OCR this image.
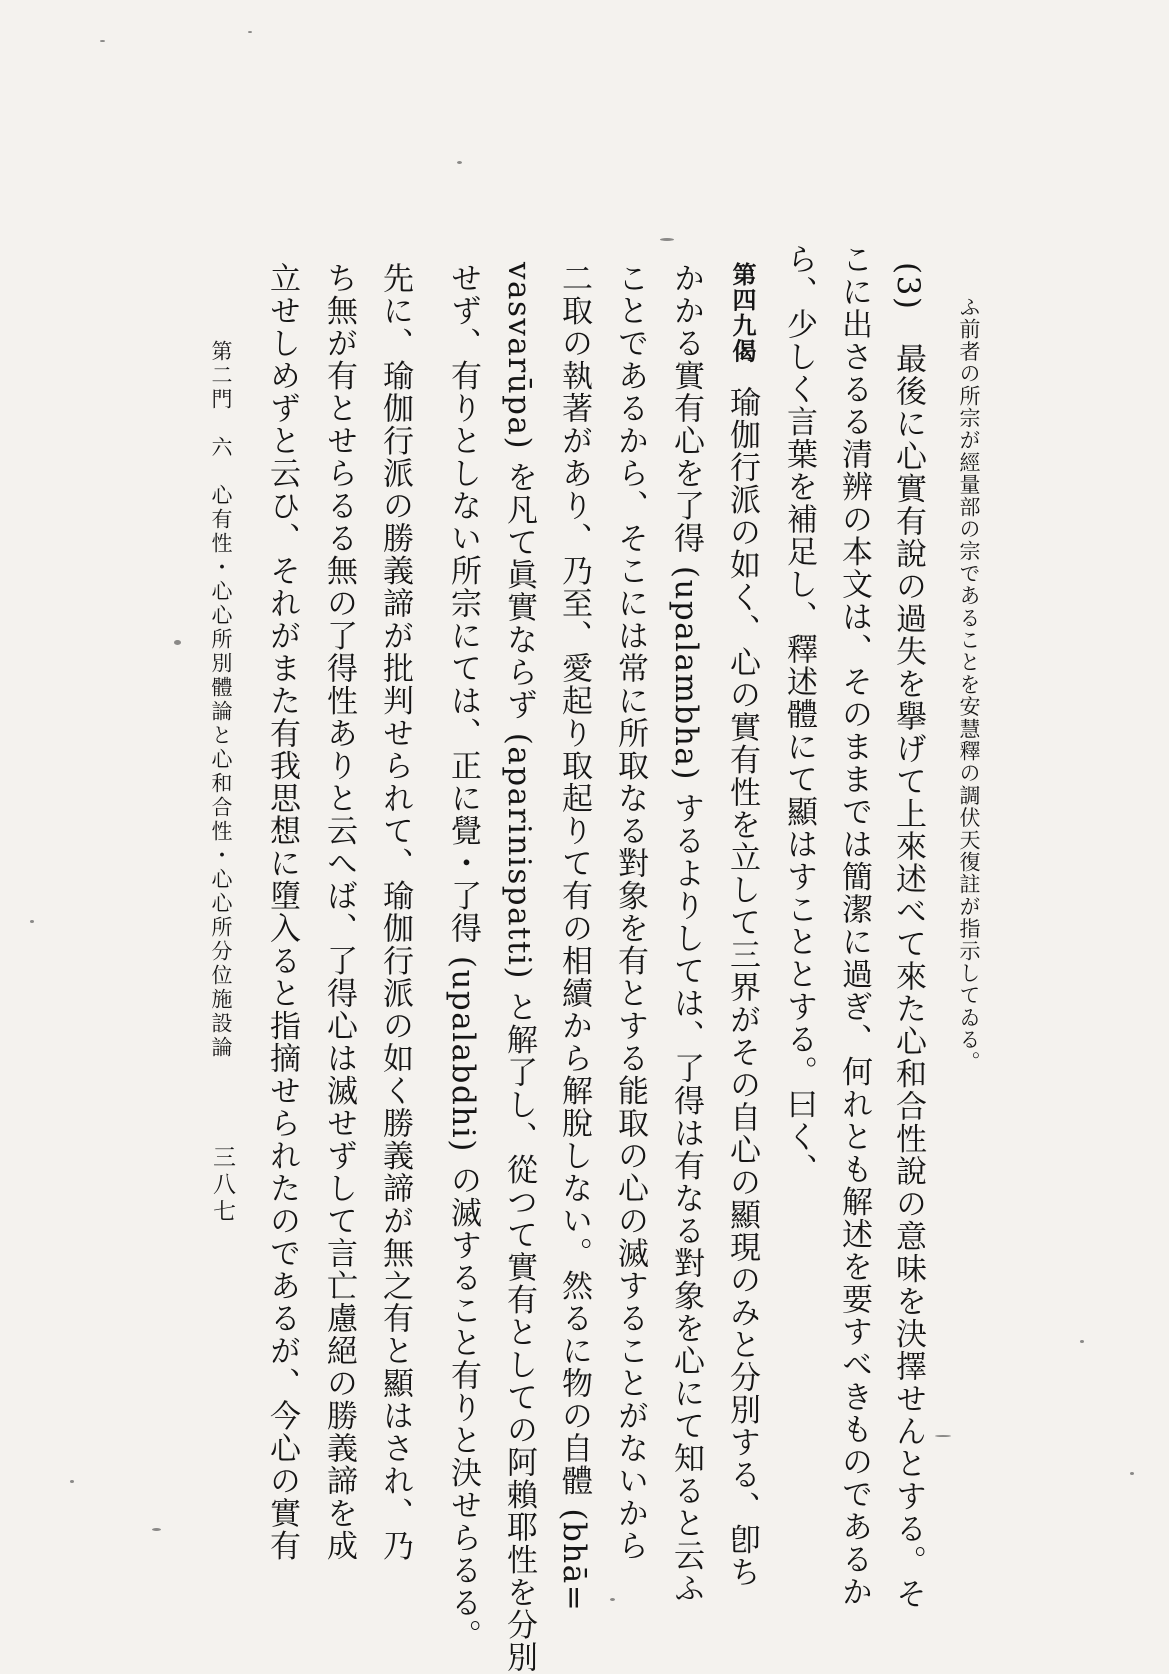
ふ前者の所宗が經量部の宗であることを安慧釋の調伏天復註が指示してゐる。
(3)　最後に心實有說の過失を擧げて上來述べて來た心和合性說の意味を決擇せんとする。そ
こに出さるる清辨の本文は、そのままでは簡潔に過ぎ、何れとも解述を要すべきものであるか
ら、少しく言葉を補足し、釋述體にて顯はすこととする。曰く、
第四九偈瑜伽行派の如く、心の實有性を立して三界がその自心の顯現のみと分別する、卽ち
かかる實有心を了得 (upalambha) するよりしては、了得は有なる對象を心にて知ると云ふ
ことであるから、そこには常に所取なる對象を有とする能取の心の滅することがないから
二取の執著があり、乃至、愛起り取起りて有の相續から解脫しない。然るに物の自體 (bhā=
vasvarūpa) を凡て眞實ならず (aparinispatti) と解了し、從つて實有としての阿賴耶性を分別
せず、有りとしない所宗にては、正に覺・了得 (upalabdhi) の滅すること有りと決せらるる。
先に、瑜伽行派の勝義諦が批判せられて、瑜伽行派の如く勝義諦が無之有と顯はされ、乃
ち無が有とせらるる無の了得性ありと云へば、了得心は滅せずして言亡慮絕の勝義諦を成
立せしめずと云ひ、それがまた有我思想に墮入ると指摘せられたのであるが、今心の實有
第二門　六　心有性・心心所別體論と心和合性・心心所分位施設論
三八七
